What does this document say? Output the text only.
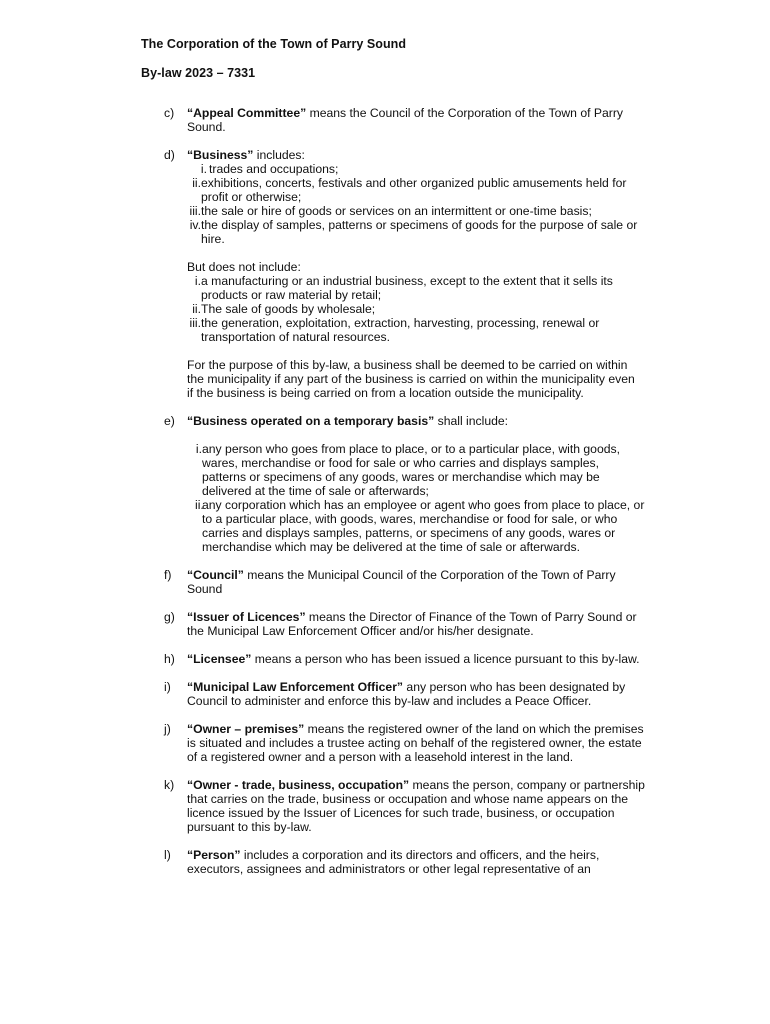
The Corporation of the Town of Parry Sound
By-law 2023 – 7331
c) “Appeal Committee” means the Council of the Corporation of the Town of Parry Sound.
d) “Business” includes:
i. trades and occupations;
ii. exhibitions, concerts, festivals and other organized public amusements held for profit or otherwise;
iii. the sale or hire of goods or services on an intermittent or one-time basis;
iv. the display of samples, patterns or specimens of goods for the purpose of sale or hire.
But does not include:
i. a manufacturing or an industrial business, except to the extent that it sells its products or raw material by retail;
ii. The sale of goods by wholesale;
iii. the generation, exploitation, extraction, harvesting, processing, renewal or transportation of natural resources.
For the purpose of this by-law, a business shall be deemed to be carried on within the municipality if any part of the business is carried on within the municipality even if the business is being carried on from a location outside the municipality.
e) “Business operated on a temporary basis” shall include:
i. any person who goes from place to place, or to a particular place, with goods, wares, merchandise or food for sale or who carries and displays samples, patterns or specimens of any goods, wares or merchandise which may be delivered at the time of sale or afterwards;
ii.
any corporation which has an employee or agent who goes from place to place, or to a particular place, with goods, wares, merchandise or food for sale, or who carries and displays samples, patterns, or specimens of any goods, wares or merchandise which may be delivered at the time of sale or afterwards.
f) “Council” means the Municipal Council of the Corporation of the Town of Parry Sound
g) “Issuer of Licences” means the Director of Finance of the Town of Parry Sound or the Municipal Law Enforcement Officer and/or his/her designate.
h) “Licensee” means a person who has been issued a licence pursuant to this by-law.
i) “Municipal Law Enforcement Officer” any person who has been designated by Council to administer and enforce this by-law and includes a Peace Officer.
j) “Owner – premises” means the registered owner of the land on which the premises is situated and includes a trustee acting on behalf of the registered owner, the estate of a registered owner and a person with a leasehold interest in the land.
k) “Owner - trade, business, occupation” means the person, company or partnership that carries on the trade, business or occupation and whose name appears on the licence issued by the Issuer of Licences for such trade, business, or occupation pursuant to this by-law.
l) “Person” includes a corporation and its directors and officers, and the heirs, executors, assignees and administrators or other legal representative of an
